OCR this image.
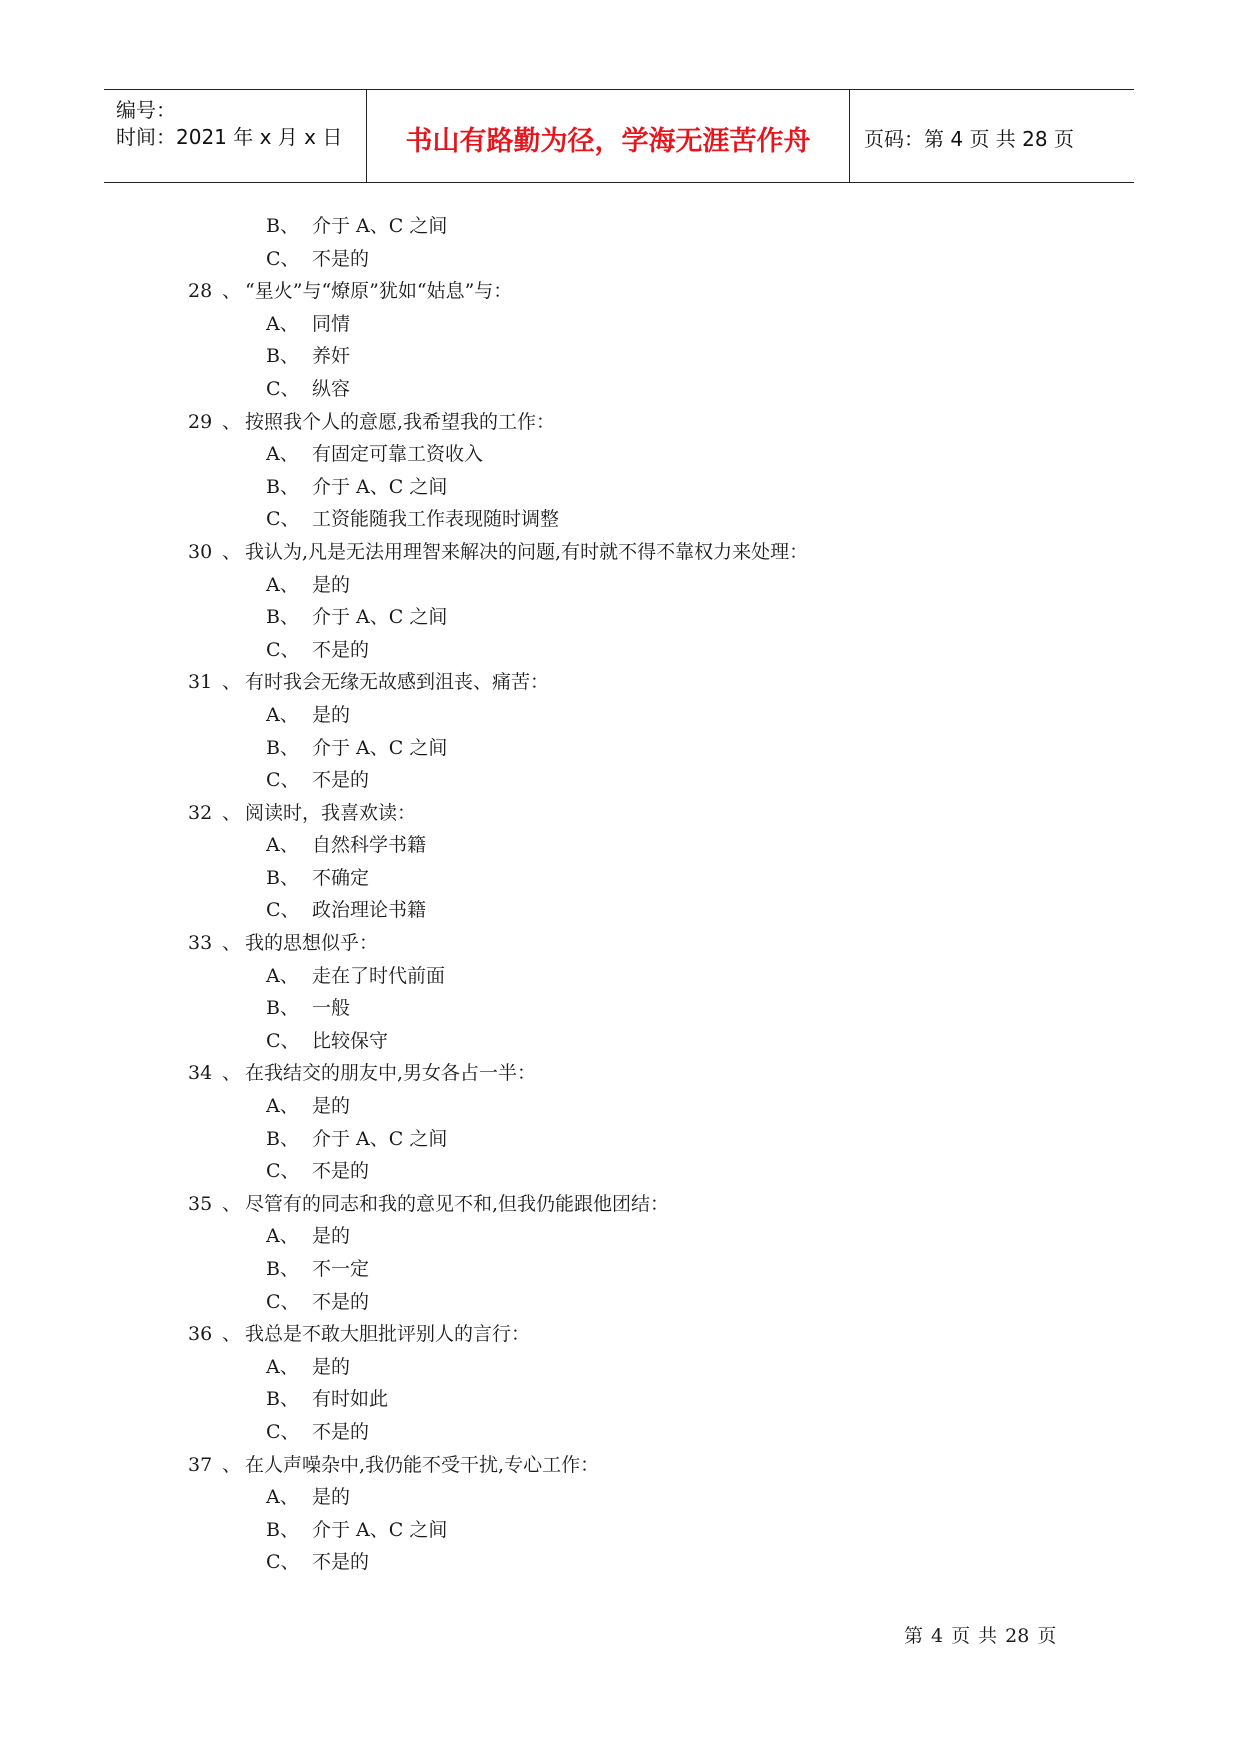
编号：
时间：2021 年 x 月 x 日	书山有路勤为径，学海无涯苦作舟	页码：第 4 页 共 28 页
B、 介于 A、C 之间
C、 不是的
28 、 “星火”与“燎原”犹如“姑息”与：
A、 同情
B、 养奸
C、 纵容
29 、 按照我个人的意愿,我希望我的工作：
A、 有固定可靠工资收入
B、 介于 A、C 之间
C、 工资能随我工作表现随时调整
30 、 我认为,凡是无法用理智来解决的问题,有时就不得不靠权力来处理：
A、 是的
B、 介于 A、C 之间
C、 不是的
31 、 有时我会无缘无故感到沮丧、痛苦：
A、 是的
B、 介于 A、C 之间
C、 不是的
32 、 阅读时，我喜欢读：
A、 自然科学书籍
B、 不确定
C、 政治理论书籍
33 、 我的思想似乎：
A、 走在了时代前面
B、 一般
C、 比较保守
34 、 在我结交的朋友中,男女各占一半：
A、 是的
B、 介于 A、C 之间
C、 不是的
35 、 尽管有的同志和我的意见不和,但我仍能跟他团结：
A、 是的
B、 不一定
C、 不是的
36 、 我总是不敢大胆批评别人的言行：
A、 是的
B、 有时如此
C、 不是的
37 、 在人声噪杂中,我仍能不受干扰,专心工作：
A、 是的
B、 介于 A、C 之间
C、 不是的
第 4 页 共 28 页
